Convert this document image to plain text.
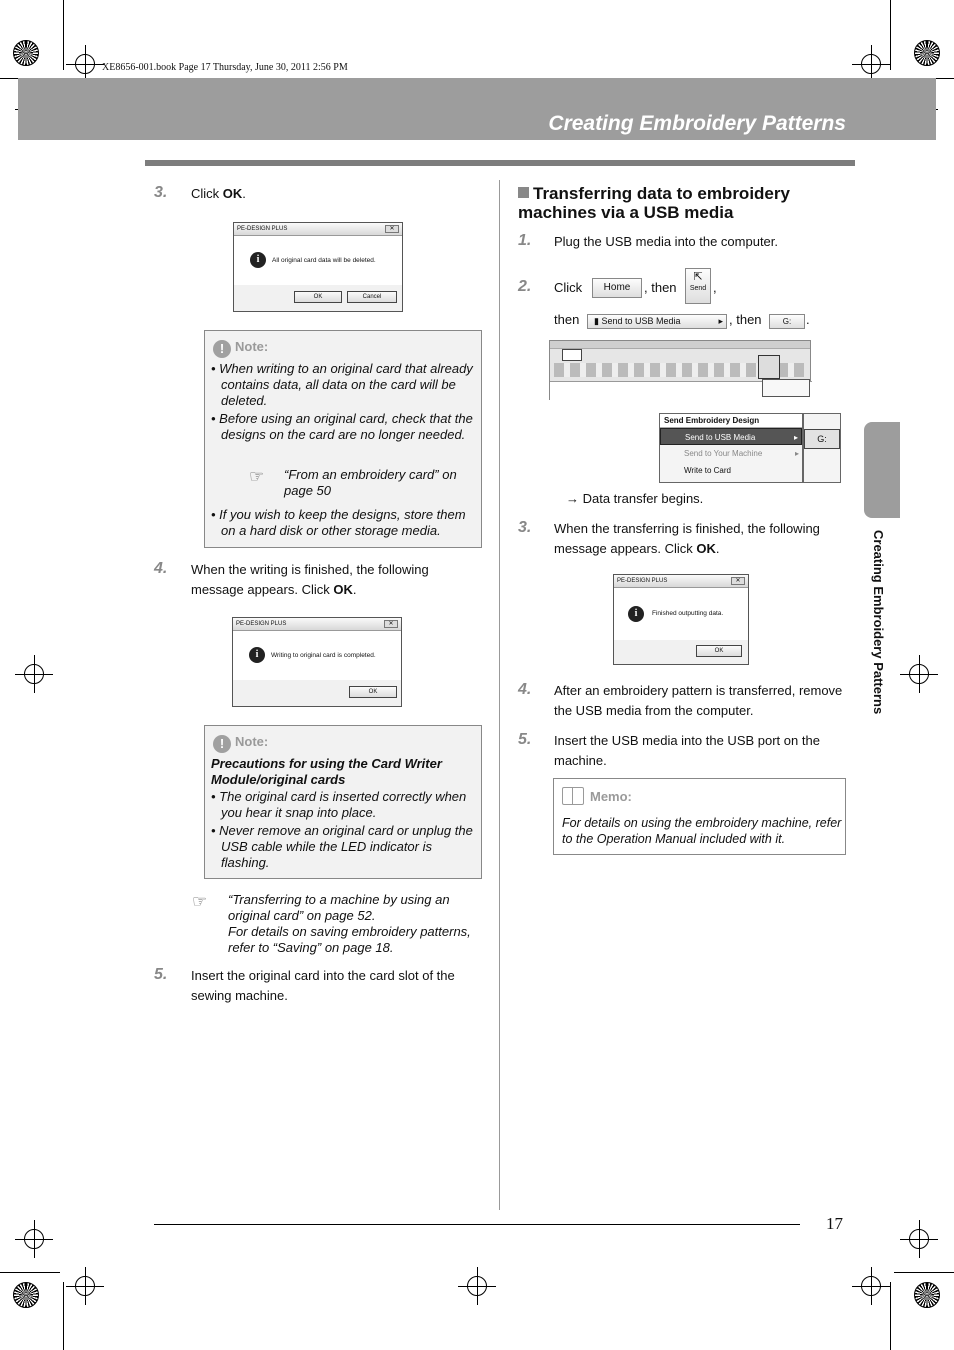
XE8656-001.book Page 17 Thursday, June 30, 2011 2:56 PM
Creating Embroidery Patterns
Creating Embroidery Patterns
3. Click OK.
PE-DESIGN PLUS	✕
i	All original card data will be deleted.
OK	Cancel
! Note:
• When writing to an original card that already contains data, all data on the card will be deleted.
• Before using an original card, check that the designs on the card are no longer needed.
☞ “From an embroidery card” on page 50
• If you wish to keep the designs, store them on a hard disk or other storage media.
4. When the writing is finished, the following message appears. Click OK.
PE-DESIGN PLUS	✕
i	Writing to original card is completed.
OK
! Note:
Precautions for using the Card Writer Module/original cards
• The original card is inserted correctly when you hear it snap into place.
• Never remove an original card or unplug the USB cable while the LED indicator is flashing.
☞ “Transferring to a machine by using an original card” on page 52.
For details on saving embroidery patterns, refer to “Saving” on page 18.
5. Insert the original card into the card slot of the sewing machine.
Transferring data to embroidery machines via a USB media
1. Plug the USB media into the computer.
2. Click	Home	, then
⇱
Send ,
then	▮ Send to USB Media	▸ , then	G:	.
Send Embroidery Design
Send to USB Media	▸
Send to Your Machine	▸
Write to Card
G:
→ Data transfer begins.
3. When the transferring is finished, the following message appears. Click OK.
PE-DESIGN PLUS	✕
i	Finished outputting data.
OK
4. After an embroidery pattern is transferred, remove the USB media from the computer.
5. Insert the USB media into the USB port on the machine.
Memo:
For details on using the embroidery machine, refer to the Operation Manual included with it.
17
